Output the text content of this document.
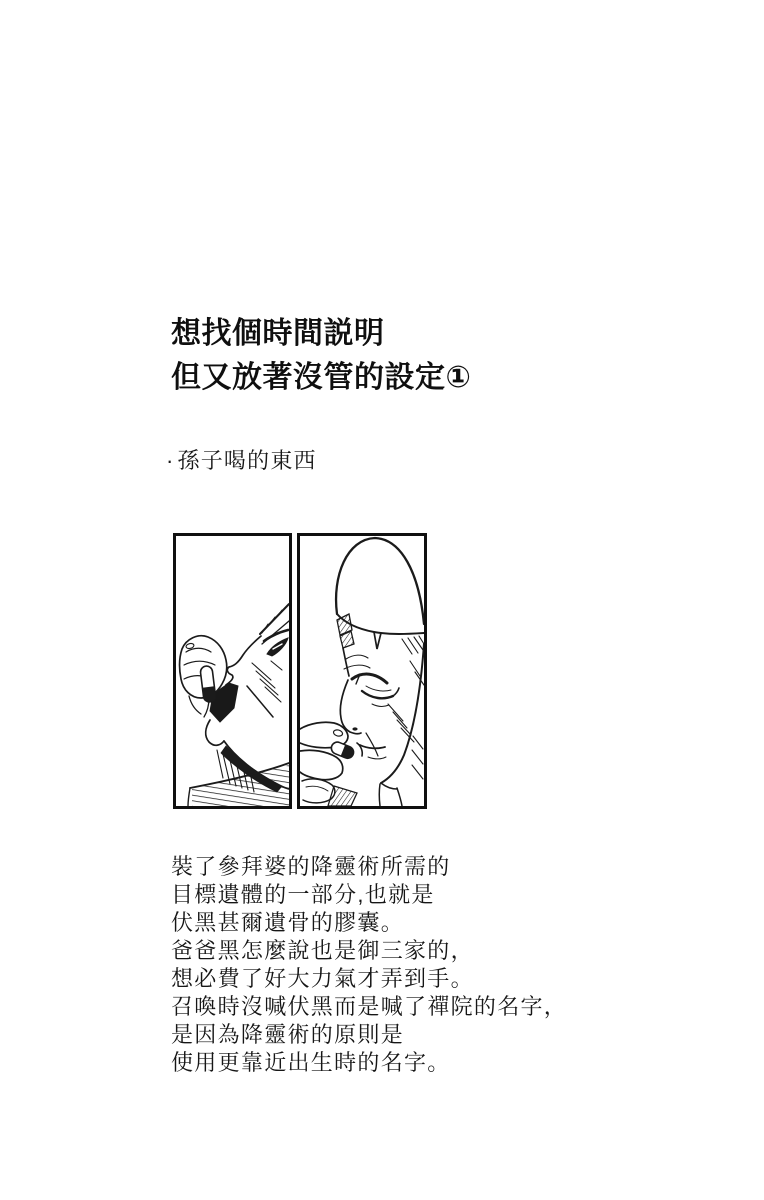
想找個時間説明
但又放著沒管的設定①
· 孫子喝的東西
裝了參拜婆的降靈術所需的
目標遺體的一部分,也就是
伏黑甚爾遺骨的膠囊。
爸爸黑怎麼說也是御三家的，
想必費了好大力氣才弄到手。
召喚時沒喊伏黑而是喊了禪院的名字，
是因為降靈術的原則是
使用更靠近出生時的名字。
